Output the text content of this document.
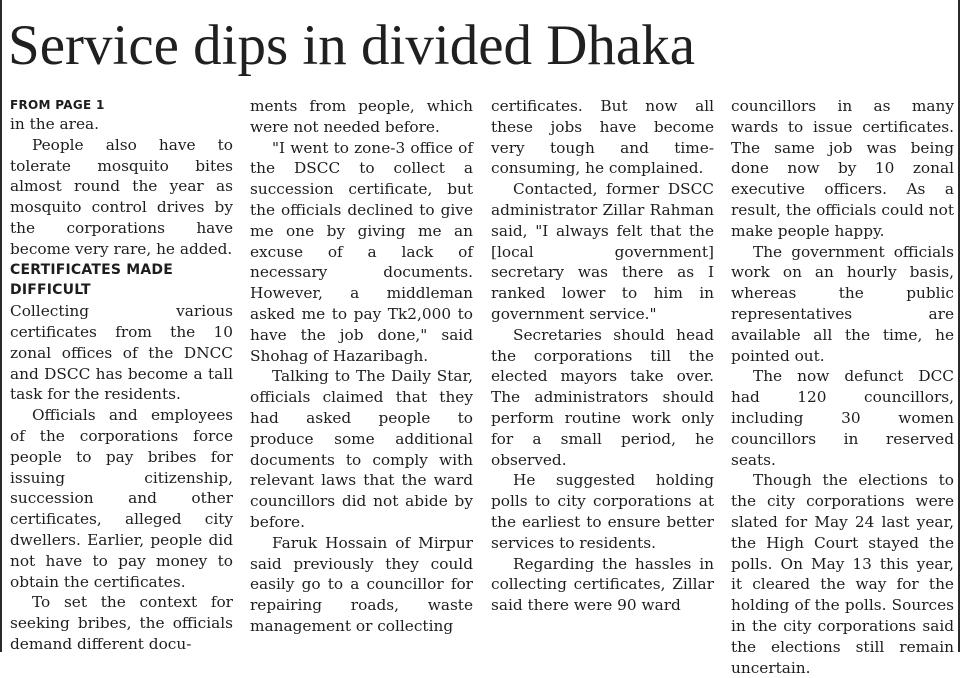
Service dips in divided Dhaka
FROM PAGE 1

in the area.

People also have to tolerate mosquito bites almost round the year as mosquito control drives by the corporations have become very rare, he added.

CERTIFICATES MADE DIFFICULT

Collecting various certificates from the 10 zonal offices of the DNCC and DSCC has become a tall task for the residents.

Officials and employees of the corporations force people to pay bribes for issuing citizenship, succession and other certificates, alleged city dwellers. Earlier, people did not have to pay money to obtain the certificates.

To set the context for seeking bribes, the officials demand different docu-

ments from people, which were not needed before.

"I went to zone-3 office of the DSCC to collect a succession certificate, but the officials declined to give me one by giving me an excuse of a lack of necessary documents. However, a middleman asked me to pay Tk2,000 to have the job done," said Shohag of Hazaribagh.

Talking to The Daily Star, officials claimed that they had asked people to produce some additional documents to comply with relevant laws that the ward councillors did not abide by before.

Faruk Hossain of Mirpur said previously they could easily go to a councillor for repairing roads, waste management or collecting

certificates. But now all these jobs have become very tough and time-consuming, he complained.

Contacted, former DSCC administrator Zillar Rahman said, "I always felt that the [local government] secretary was there as I ranked lower to him in government service."

Secretaries should head the corporations till the elected mayors take over. The administrators should perform routine work only for a small period, he observed.

He suggested holding polls to city corporations at the earliest to ensure better services to residents.

Regarding the hassles in collecting certificates, Zillar said there were 90 ward

councillors in as many wards to issue certificates. The same job was being done now by 10 zonal executive officers. As a result, the officials could not make people happy.

The government officials work on an hourly basis, whereas the public representatives are available all the time, he pointed out.

The now defunct DCC had 120 councillors, including 30 women councillors in reserved seats.

Though the elections to the city corporations were slated for May 24 last year, the High Court stayed the polls. On May 13 this year, it cleared the way for the holding of the polls. Sources in the city corporations said the elections still remain uncertain.
